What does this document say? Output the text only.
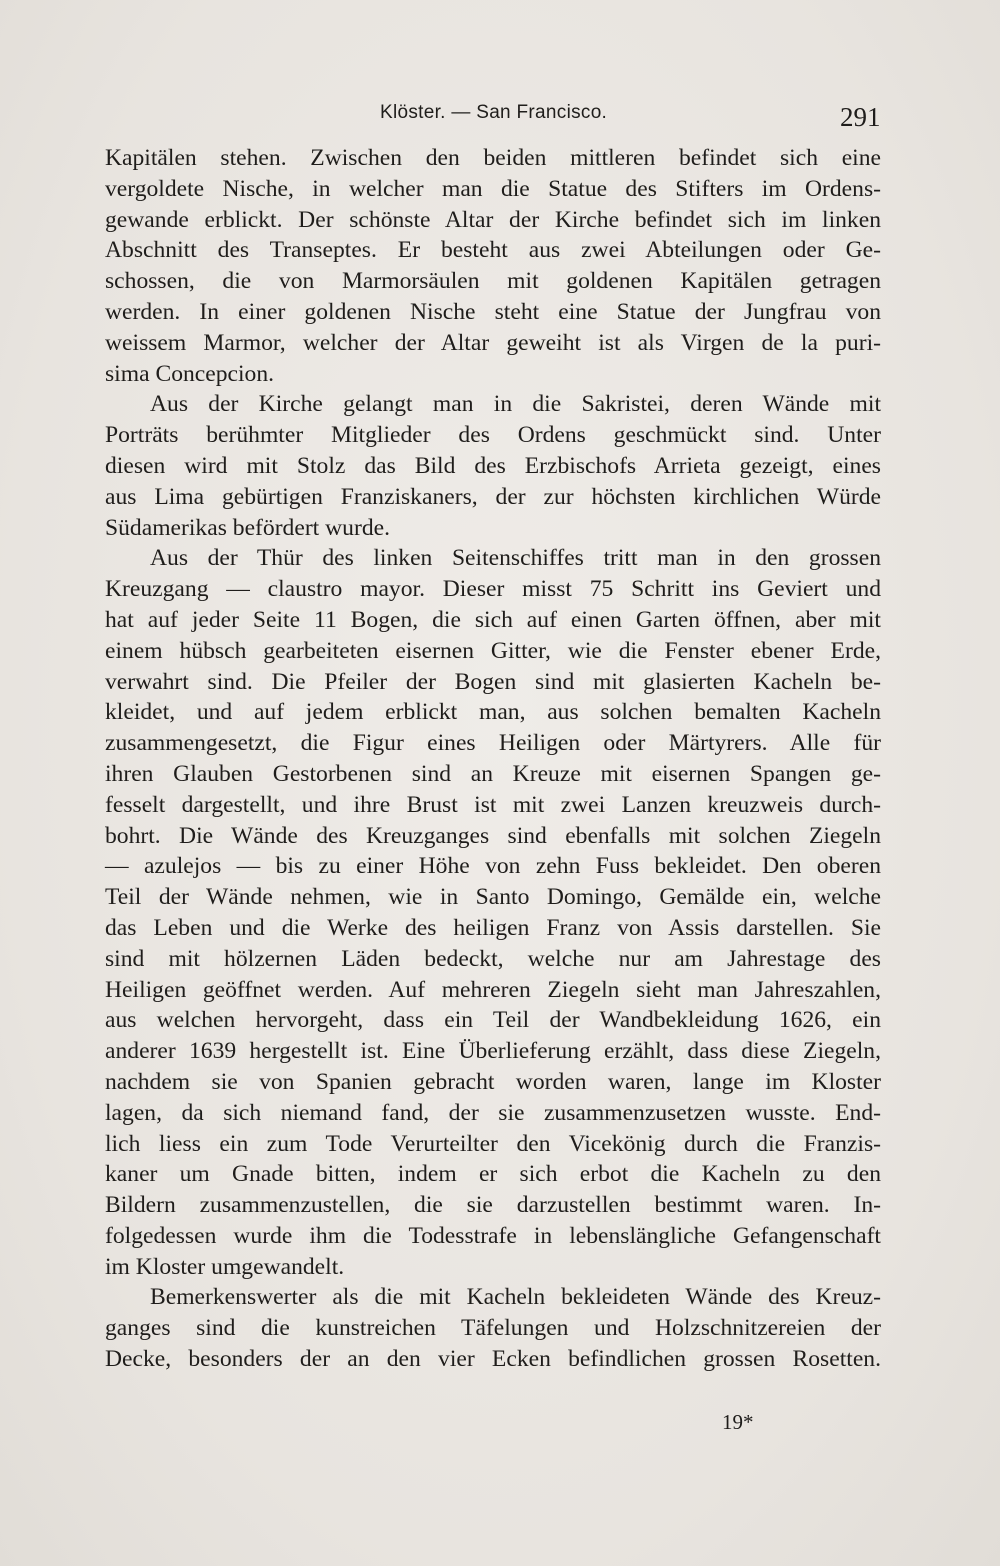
Klöster. — San Francisco.	291
Kapitälen stehen. Zwischen den beiden mittleren befindet sich eine
vergoldete Nische, in welcher man die Statue des Stifters im Ordens-
gewande erblickt. Der schönste Altar der Kirche befindet sich im linken
Abschnitt des Transeptes. Er besteht aus zwei Abteilungen oder Ge-
schossen, die von Marmorsäulen mit goldenen Kapitälen getragen
werden. In einer goldenen Nische steht eine Statue der Jungfrau von
weissem Marmor, welcher der Altar geweiht ist als Virgen de la puri-
sima Concepcion.
Aus der Kirche gelangt man in die Sakristei, deren Wände mit
Porträts berühmter Mitglieder des Ordens geschmückt sind. Unter
diesen wird mit Stolz das Bild des Erzbischofs Arrieta gezeigt, eines
aus Lima gebürtigen Franziskaners, der zur höchsten kirchlichen Würde
Südamerikas befördert wurde.
Aus der Thür des linken Seitenschiffes tritt man in den grossen
Kreuzgang — claustro mayor. Dieser misst 75 Schritt ins Geviert und
hat auf jeder Seite 11 Bogen, die sich auf einen Garten öffnen, aber mit
einem hübsch gearbeiteten eisernen Gitter, wie die Fenster ebener Erde,
verwahrt sind. Die Pfeiler der Bogen sind mit glasierten Kacheln be-
kleidet, und auf jedem erblickt man, aus solchen bemalten Kacheln
zusammengesetzt, die Figur eines Heiligen oder Märtyrers. Alle für
ihren Glauben Gestorbenen sind an Kreuze mit eisernen Spangen ge-
fesselt dargestellt, und ihre Brust ist mit zwei Lanzen kreuzweis durch-
bohrt. Die Wände des Kreuzganges sind ebenfalls mit solchen Ziegeln
— azulejos — bis zu einer Höhe von zehn Fuss bekleidet. Den oberen
Teil der Wände nehmen, wie in Santo Domingo, Gemälde ein, welche
das Leben und die Werke des heiligen Franz von Assis darstellen. Sie
sind mit hölzernen Läden bedeckt, welche nur am Jahrestage des
Heiligen geöffnet werden. Auf mehreren Ziegeln sieht man Jahreszahlen,
aus welchen hervorgeht, dass ein Teil der Wandbekleidung 1626, ein
anderer 1639 hergestellt ist. Eine Überlieferung erzählt, dass diese Ziegeln,
nachdem sie von Spanien gebracht worden waren, lange im Kloster
lagen, da sich niemand fand, der sie zusammenzusetzen wusste. End-
lich liess ein zum Tode Verurteilter den Vicekönig durch die Franzis-
kaner um Gnade bitten, indem er sich erbot die Kacheln zu den
Bildern zusammenzustellen, die sie darzustellen bestimmt waren. In-
folgedessen wurde ihm die Todesstrafe in lebenslängliche Gefangenschaft
im Kloster umgewandelt.
Bemerkenswerter als die mit Kacheln bekleideten Wände des Kreuz-
ganges sind die kunstreichen Täfelungen und Holzschnitzereien der
Decke, besonders der an den vier Ecken befindlichen grossen Rosetten.
19*
